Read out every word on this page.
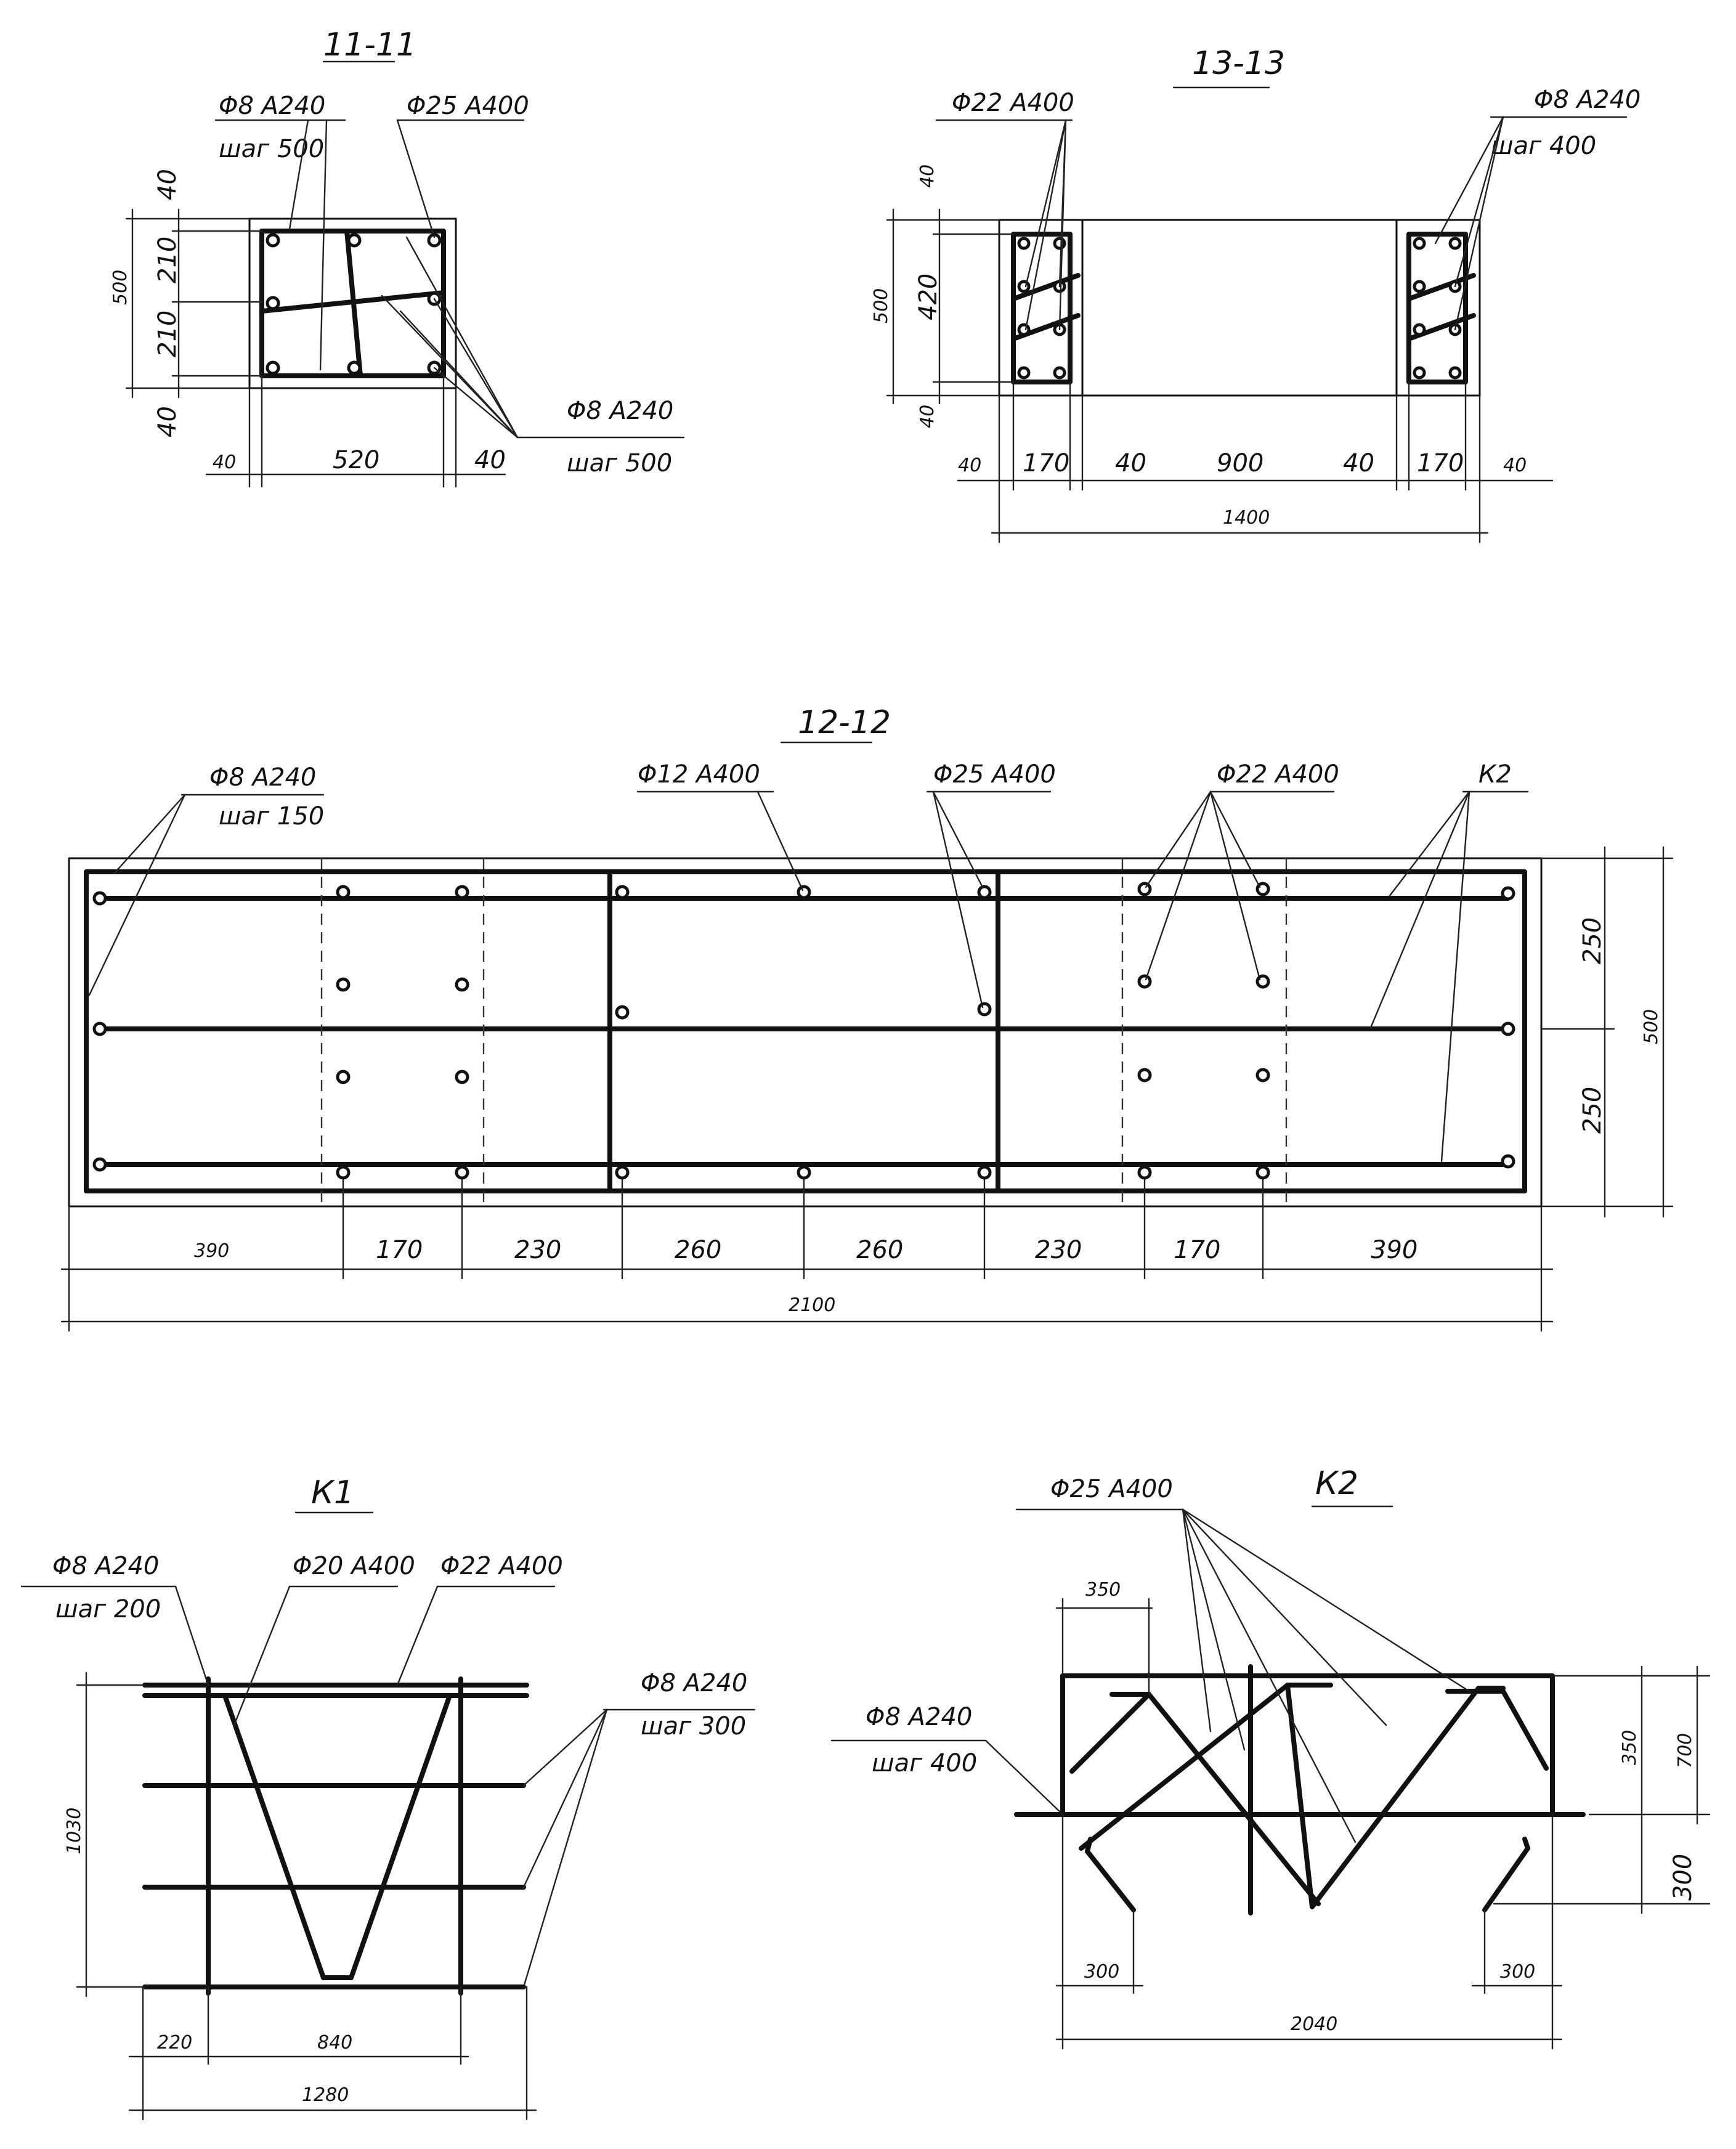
11-11
Φ8 A240
шаг 500
Φ25 A400
Φ8 A240
шаг 500
500
40
210
210
40
40	520	40
13-13
Φ22 A400	Φ8 A240
шаг 400
500
40
420
40
40 170 40	900	40 170 40
1400
12-12
Φ8 A240
шаг 150
Φ12 A400	Φ25 A400	Φ22 A400	К2
250
250
500
390	170	230	260	260	230	170	390
2100
К1
Φ8 A240
шаг 200
Φ20 A400 Φ22 A400
Φ8 A240
шаг 300
1030
220	840
1280
К2
Φ25 A400
Φ8 A240
шаг 400
350
350 700
300
300	300
2040
